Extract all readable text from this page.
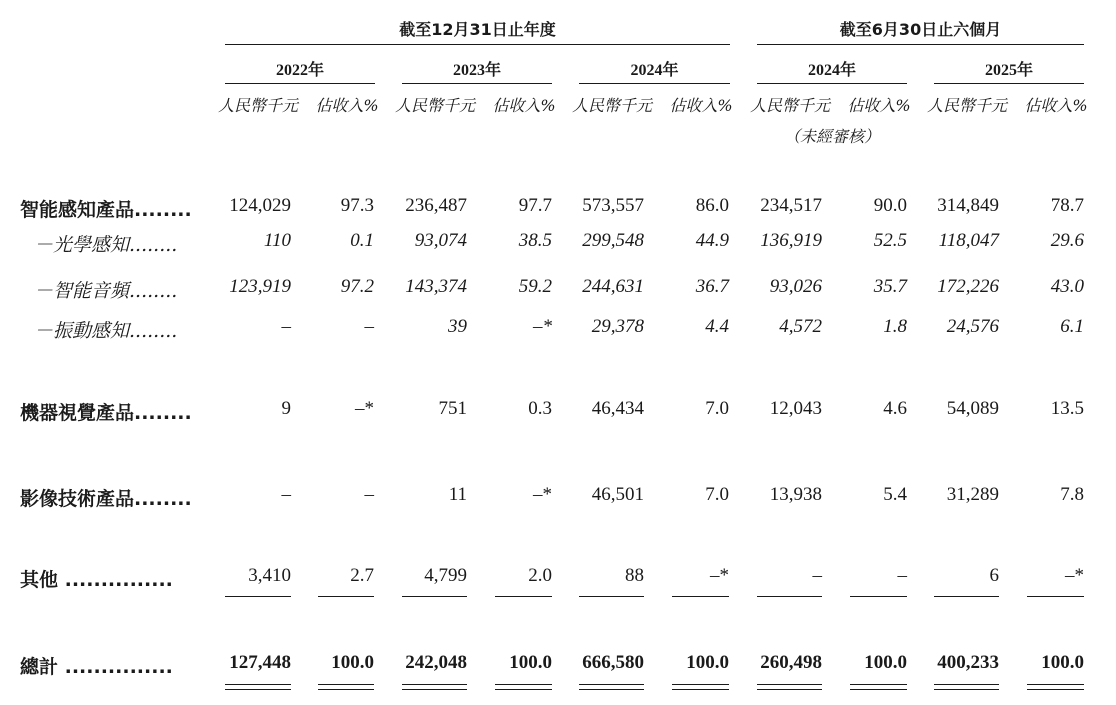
截至12月31日止年度	截至6月30日止六個月
2022年	2023年	2024年	2024年	2025年
人民幣千元 佔收入% 人民幣千元 佔收入% 人民幣千元 佔收入% 人民幣千元 佔收入% 人民幣千元 佔收入%
（未經審核）
智能感知產品........	124,029	97.3	236,487	97.7	573,557	86.0	234,517	90.0	314,849	78.7
－光學感知........	110	0.1	93,074	38.5	299,548	44.9	136,919	52.5	118,047	29.6
－智能音頻........	123,919	97.2	143,374	59.2	244,631	36.7	93,026	35.7	172,226	43.0
－振動感知........	–	–	39	–*	29,378	4.4	4,572	1.8	24,576	6.1
機器視覺產品........	9	–*	751	0.3	46,434	7.0	12,043	4.6	54,089	13.5
影像技術產品........	–	–	11	–*	46,501	7.0	13,938	5.4	31,289	7.8
其他 ...............	3,410	2.7	4,799	2.0	88	–*	–	–	6	–*
總計 ...............	127,448	100.0	242,048	100.0	666,580	100.0	260,498	100.0	400,233	100.0
